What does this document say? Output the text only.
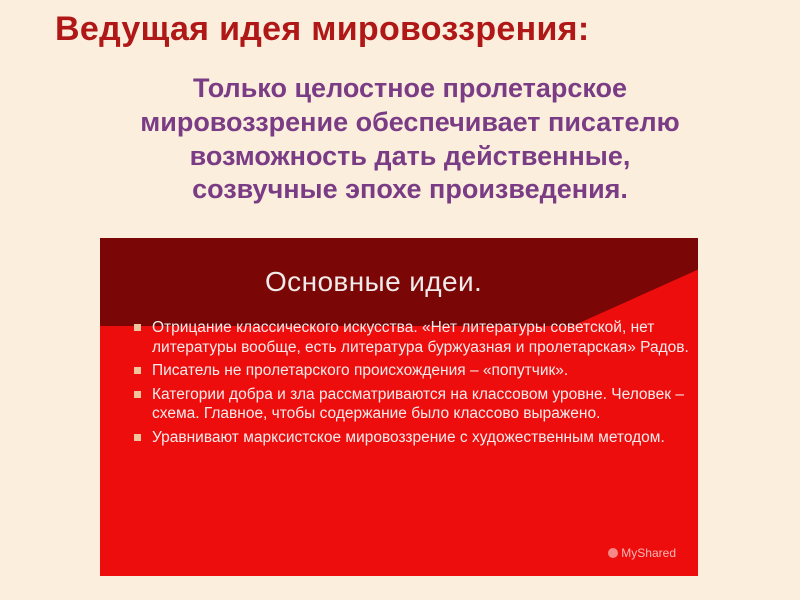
Ведущая идея мировоззрения:

Только целостное пролетарское
мировоззрение обеспечивает писателю
возможность дать действенные,
созвучные эпохе произведения.

Основные идеи.
Отрицание классического искусства. «Нет литературы советской, нет литературы вообще, есть литература буржуазная и пролетарская» Радов.
Писатель не пролетарского происхождения – «попутчик».
Категории добра и зла рассматриваются на классовом уровне. Человек – схема. Главное, чтобы содержание было классово выражено.
Уравнивают марксистское мировоззрение с художественным методом.
MyShared
